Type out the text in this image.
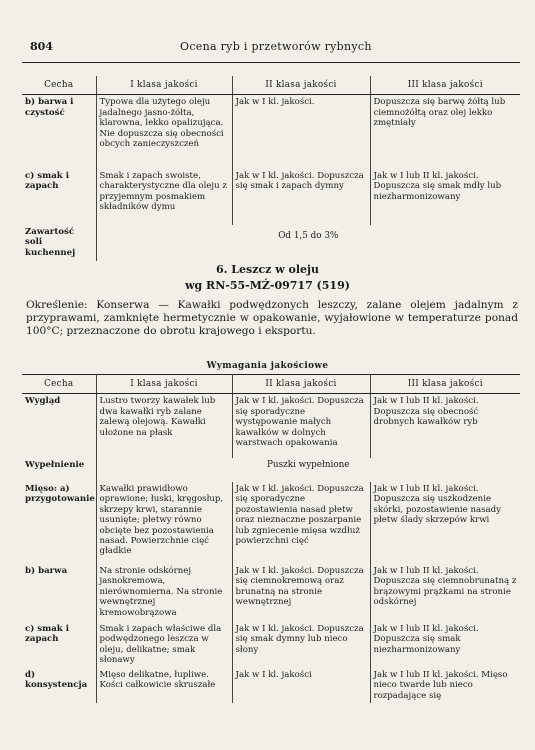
804	Ocena ryb i przetworów rybnych
Cecha	I klasa jakości	II klasa jakości	III klasa jakości
b) barwa i czystość	Typowa dla użytego oleju jadalnego jasno-żółta, klarowna, lekko opalizująca. Nie dopuszcza się obecności obcych zanieczyszczeń	Jak w I kl. jakości.	Dopuszcza się barwę żółtą lub ciemnożółtą oraz olej lekko zmętniały
c) smak i zapach	Smak i zapach swoiste, charakterystyczne dla oleju z przyjemnym posmakiem składników dymu	Jak w I kl. jakości. Dopuszcza się smak i zapach dymny	Jak w I lub II kl. jakości. Dopuszcza się smak mdły lub niezharmonizowany
Zawartość soli kuchennej	Od 1,5 do 3%		
6. Leszcz w oleju
wg RN-55-MŻ-09717 (519)
Określenie: Konserwa — Kawałki podwędzonych leszczy, zalane olejem jadalnym z przyprawami, zamknięte hermetycznie w opakowanie, wyjałowione w temperaturze ponad 100°C; przeznaczone do obrotu krajowego i eksportu.
Wymagania jakościowe
Cecha	I klasa jakości	II klasa jakości	III klasa jakości
Wygląd	Lustro tworzy kawałek lub dwa kawałki ryb zalane zalewą olejową. Kawałki ułożone na płask	Jak w I kl. jakości. Dopuszcza się sporadyczne występowanie małych kawałków w dolnych warstwach opakowania	Jak w I lub II kl. jakości. Dopuszcza się obecność drobnych kawałków ryb
Wypełnienie	Puszki wypełnione		
Mięso: a) przygotowanie	Kawałki prawidłowo oprawione; łuski, kręgosłup, skrzepy krwi, starannie usunięte; płetwy równo obcięte bez pozostawienia nasad. Powierzchnie cięć gładkie	Jak w I kl. jakości. Dopuszcza się sporadyczne pozostawienia nasad płetw oraz nieznaczne poszarpanie lub zgniecenie mięsa wzdłuż powierzchni cięć	Jak w I lub II kl. jakości. Dopuszcza się uszkodzenie skórki, pozostawienie nasady płetw ślady skrzepów krwi
b) barwa	Na stronie odskórnej jasnokremowa, nierównomierna. Na stronie wewnętrznej kremowobrązowa	Jak w I kl. jakości. Dopuszcza się ciemnokremową oraz brunatną na stronie wewnętrznej	Jak w I lub II kl. jakości. Dopuszcza się ciemnobrunatną z brązowymi prążkami na stronie odskórnej
c) smak i zapach	Smak i zapach właściwe dla podwędzonego leszcza w oleju, delikatne; smak słonawy	Jak w I kl. jakości. Dopuszcza się smak dymny lub nieco słony	Jak w I lub II kl. jakości. Dopuszcza się smak niezharmonizowany
d) konsystencja	Mięso delikatne, łupliwe. Kości całkowicie skruszałe	Jak w I kl. jakości	Jak w I lub II kl. jakości. Mięso nieco twarde lub nieco rozpadające się
